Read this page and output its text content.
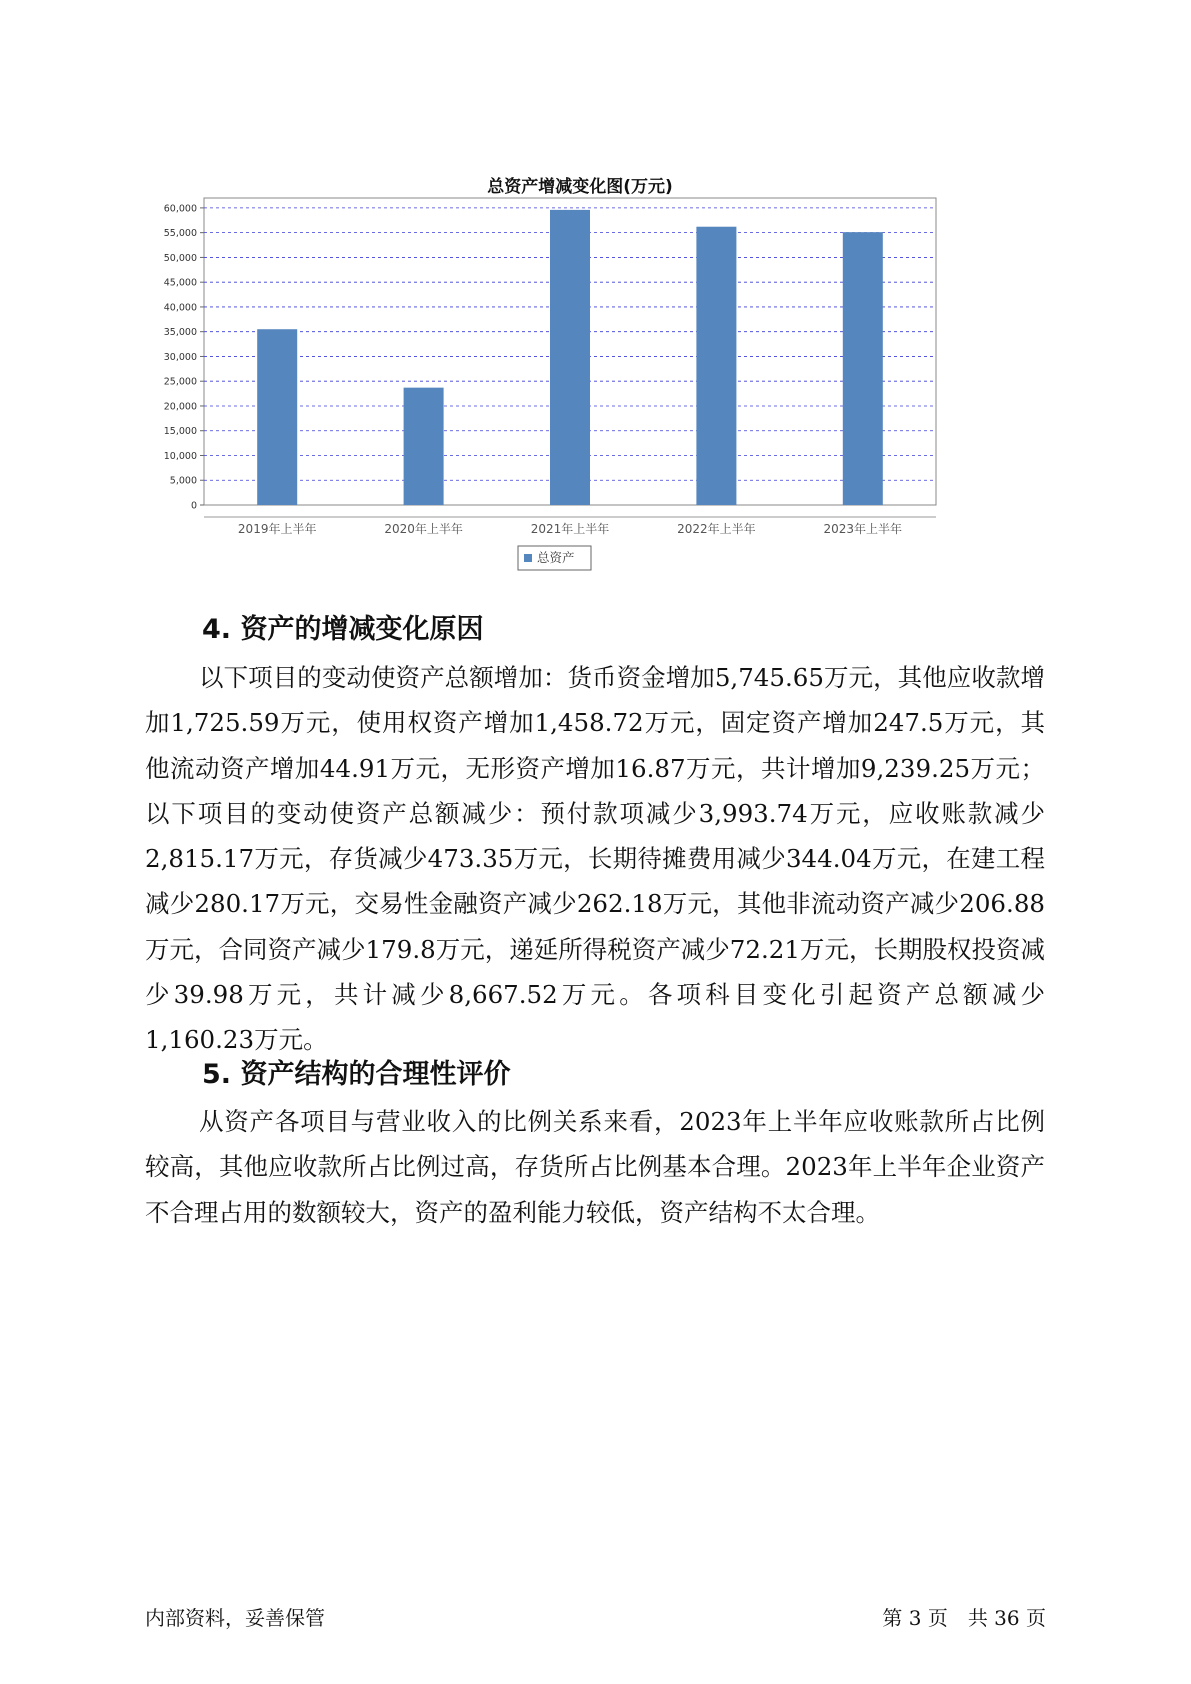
总资产增减变化图(万元)
0
5,000
10,000
15,000
20,000
25,000
30,000
35,000
40,000
45,000
50,000
55,000
60,000
2019年上半年	2020年上半年	2021年上半年	2022年上半年	2023年上半年
总资产
4. 资产的增减变化原因

以下项目的变动使资产总额增加：货币资金增加5,745.65万元，其他应收款增加1,725.59万元，使用权资产增加1,458.72万元，固定资产增加247.5万元，其他流动资产增加44.91万元，无形资产增加16.87万元，共计增加9,239.25万元；以下项目的变动使资产总额减少：预付款项减少3,993.74万元，应收账款减少2,815.17万元，存货减少473.35万元，长期待摊费用减少344.04万元，在建工程减少280.17万元，交易性金融资产减少262.18万元，其他非流动资产减少206.88万元，合同资产减少179.8万元，递延所得税资产减少72.21万元，长期股权投资减少39.98万元，共计减少8,667.52万元。各项科目变化引起资产总额减少1,160.23万元。

5. 资产结构的合理性评价

从资产各项目与营业收入的比例关系来看，2023年上半年应收账款所占比例较高，其他应收款所占比例过高，存货所占比例基本合理。2023年上半年企业资产不合理占用的数额较大，资产的盈利能力较低，资产结构不太合理。

内部资料，妥善保管	第 3 页　共 36 页
